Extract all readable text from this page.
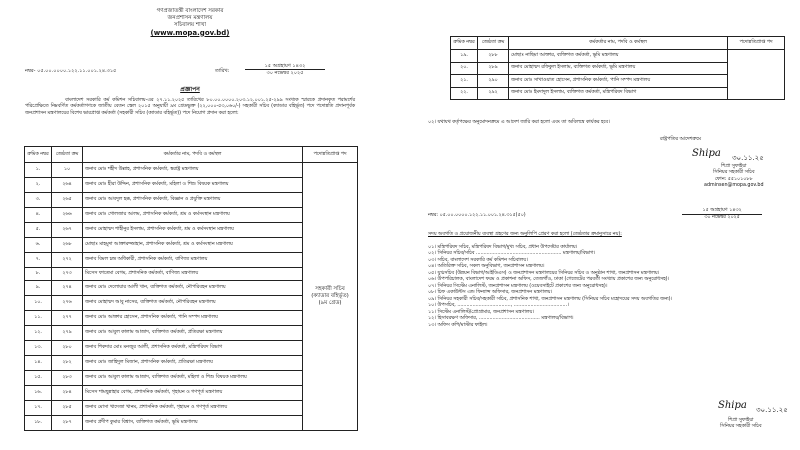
গণপ্রজাতন্ত্রী বাংলাদেশ সরকার
জনপ্রশাসন মন্ত্রণালয়
সচিবালয় শাখা
(www.mopa.gov.bd)
নম্বর- ০৫.০০.০০০০.১২২.১১.০০১.২৪.৩১৫	তারিখ:
১৫ অগ্রহায়ণ ১৪৩২
৩০ নভেম্বর ২০২৫
প্রজ্ঞাপন
বাংলাদেশ সরকারি কর্ম কমিশন সচিবালয়-এর ২৭.১১.২০২৫ তারিখের ৮০.০০.০০০০.২০৩.১২.০০১.২৫-২৯৯ সংখ্যক স্মারকে প্রদানকৃত পরামর্শের পরিপ্রেক্ষিতে নিম্নবর্ণিত কর্মকর্তাগণকে জাতীয় বেতন স্কেল ২০১৫ অনুযায়ী ৯ম গ্রেডভুক্ত (২২,০০০-৫৩,০৬০/-) সহকারী সচিব (ক্যাডার বহির্ভূত) পদে পদোন্নতি প্রদানপূর্বক জনপ্রশাসন মন্ত্রণালয়ের বিশেষ ভারপ্রাপ্ত কর্মকর্তা (সহকারী সচিব (ক্যাডার বহির্ভূত)) পদে নিয়োগ প্রদান করা হলো:
ক্রমিক নম্বর	জেষ্ঠতা ক্রম	কর্মকর্তার নাম, পদবি ও কর্মস্থল	পদোন্নতিপ্রাপ্ত পদ
১.	১০	জনাব মোঃ শহীদ উল্লাহ, প্রশাসনিক কর্মকর্তা, স্বরাষ্ট্র মন্ত্রণালয়	সহকারী সচিব (ক্যাডার বহির্ভূত) (৯ম গ্রেড)
২.	২৬৪	জনাব মোঃ হীরা উদ্দিন, প্রশাসনিক কর্মকর্তা, মহিলা ও শিশু বিষয়ক মন্ত্রণালয়	
৩.	২৬৫	জনাব মোঃ আবদুল হক্ক, প্রশাসনিক কর্মকর্তা, বিজ্ঞান ও প্রযুক্তি মন্ত্রণালয়	
৪.	২৬৬	জনাব মোঃ গোলজার আলম, প্রশাসনিক কর্মকর্তা, শ্রম ও কর্মসংস্থান মন্ত্রণালয়	
৫.	২৬৭	জনাব মোহাম্মদ শাহীনুর ইসলাম, প্রশাসনিক কর্মকর্তা, শ্রম ও কর্মসংস্থান মন্ত্রণালয়	
৬.	২৬৮	মোছাঃ মাহমুদা আক্তারুজ্জাহান, প্রশাসনিক কর্মকর্তা, শ্রম ও কর্মসংস্থান মন্ত্রণালয়	
৭.	২৭২	জনাব বিমল চন্দ্র অধিকারী, প্রশাসনিক কর্মকর্তা, বাণিজ্য মন্ত্রণালয়	
৮.	২৭৩	মিসেস ফাতেমা বেগম, প্রশাসনিক কর্মকর্তা, বাণিজ্য মন্ত্রণালয়	
৯.	২৭৪	জনাব মোঃ দেলোয়ার আলী খান, ব্যক্তিগত কর্মকর্তা, নৌপরিবহন মন্ত্রণালয়	
১০.	২৭৬	জনাব মোহাম্মদ আবু নাসের, ব্যক্তিগত কর্মকর্তা, নৌপরিবহন মন্ত্রণালয়	
১১.	২৭৭	জনাব মোঃ আক্তার হোসেন, প্রশাসনিক কর্মকর্তা, পানি সম্পদ মন্ত্রণালয়	
১২.	২৭৯	জনাব মোঃ আবুল কালাম আজাদ, ব্যক্তিগত কর্মকর্তা, প্রতিরক্ষা মন্ত্রণালয়	
১৩.	২৮০	জনাব শিকদার মোঃ মনজুর আলী, প্রশাসনিক কর্মকর্তা, মন্ত্রিপরিষদ বিভাগ	
১৪.	২৮২	জনাব মোঃ জাহিদুল মিজান, প্রশাসনিক কর্মকর্তা, প্রতিরক্ষা মন্ত্রণালয়	
১৫.	২৮৩	জনাব মোঃ আবুল কালাম আজাদ, ব্যক্তিগত কর্মকর্তা, মহিলা ও শিশু বিষয়ক মন্ত্রণালয়	
১৬.	২৮৪	মিসেস শামছুন্নাহার বেগম, প্রশাসনিক কর্মকর্তা, গৃহায়ন ও গণপূর্ত মন্ত্রণালয়	
১৭.	২৮৫	জনাব মোসা খাদেজা খানম, প্রশাসনিক কর্মকর্তা, গৃহায়ন ও গণপূর্ত মন্ত্রণালয়	
১৮.	২৮৭	জনাব প্রদীপ কুমার বিশ্বাস, ব্যক্তিগত কর্মকর্তা, ভূমি মন্ত্রণালয়	
ক্রমিক নম্বর	জেষ্ঠতা ক্রম	কর্মকর্তার নাম, পদবি ও কর্মস্থল	পদোন্নতিপ্রাপ্ত পদ
১৯.	২৮৮	মোছাঃ নাছিমা আক্তার, ব্যক্তিগত কর্মকর্তা, ভূমি মন্ত্রণালয়	
২০.	২৮৯	জনাব মোহাম্মদ রফিকুল ইসলাম, ব্যক্তিগত কর্মকর্তা, ভূমি মন্ত্রণালয়	
২১.	২৯০	জনাব মোঃ সাখাওয়াত হোসেন, প্রশাসনিক কর্মকর্তা, পানি সম্পদ মন্ত্রণালয়	
২২.	২৯২	জনাব মোঃ ইমদাদুল ইসলাম, ব্যক্তিগত কর্মকর্তা, মন্ত্রিপরিষদ বিভাগ	
০২। যথাযথ কর্তৃপক্ষের অনুমোদনক্রমে এ আদেশ জারি করা হলো এবং তা অবিলম্বে কার্যকর হবে।
রাষ্ট্রপতির আদেশক্রমে
Shipa ৩০.১১.২৫
শিপ্রা সুফাইয়া
সিনিয়র সহকারী সচিব
ফোন: ৫৫১০১০৮৮
adminsen@mopa.gov.bd
নম্বর: ০৫.০০.০০০০.১২২.১১.০০১.২৪.৩১৫(৫০)
১৫ অগ্রহায়ণ ১৪৩২
৩০ নভেম্বর ২০২৫
সদয় অবগতি ও প্রয়োজনীয় ব্যবস্থা গ্রহণের জন্য অনুলিপি প্রেরণ করা হলো (জেষ্ঠতার ক্রমানুসারে নয়):
০১। মন্ত্রিপরিষদ সচিব, মন্ত্রিপরিষদ বিভাগ/মুখ্য সচিব, প্রধান উপদেষ্টার কার্যালয়।
০২। সিনিয়র সচিব/সচিব ........................................................ মন্ত্রণালয়/বিভাগ।
০৩। সচিব, বাংলাদেশ সরকারি কর্ম কমিশন সচিবালয়।
০৪। অতিরিক্ত সচিব, সকল অনুবিভাগ, জনপ্রশাসন মন্ত্রণালয়।
০৫। যুগ্মসচিব (উন্নয়ন বিভাগ/আইডিএস) ও জনপ্রশাসন মন্ত্রণালয়ের সিনিয়র সচিব ও অনুষ্ঠান শাখা, জনপ্রশাসন মন্ত্রণালয়।
০৬। উপপরিচালক, বাংলাদেশ ফরম ও প্রকাশনা অফিস, তেজগাঁও, ঢাকা (গেজেটের পরবর্তী সংখ্যায় প্রকাশের জন্য অনুরোধসহ)।
০৭। সিনিয়র সিস্টেম এনালিস্ট, জনপ্রশাসন মন্ত্রণালয় (ওয়েবসাইটে প্রকাশের জন্য অনুরোধসহ)।
০৮। চিফ একাউন্টস এন্ড ফিন্যান্স অফিসার, জনপ্রশাসন মন্ত্রণালয়।
০৯। সিনিয়র সহকারী সচিব/সহকারী সচিব, প্রশাসনিক শাখা, জনপ্রশাসন মন্ত্রণালয় (সিনিয়র সচিব মহোদয়ের সদয় অবগতির জন্য)।
১০। উপসচিব, ..................................., ...................................।
১১। সিস্টেম এনালিস্ট/প্রোগ্রামার, জনপ্রশাসন মন্ত্রণালয়।
১২। হিসাবরক্ষণ অফিসার, ........................................ মন্ত্রণালয়/বিভাগ।
১৩। অফিস কপি/মাস্টার ফাইল।
Shipa ৩০.১১.২৫
শিপ্রা সুফাইয়া
সিনিয়র সহকারী সচিব
